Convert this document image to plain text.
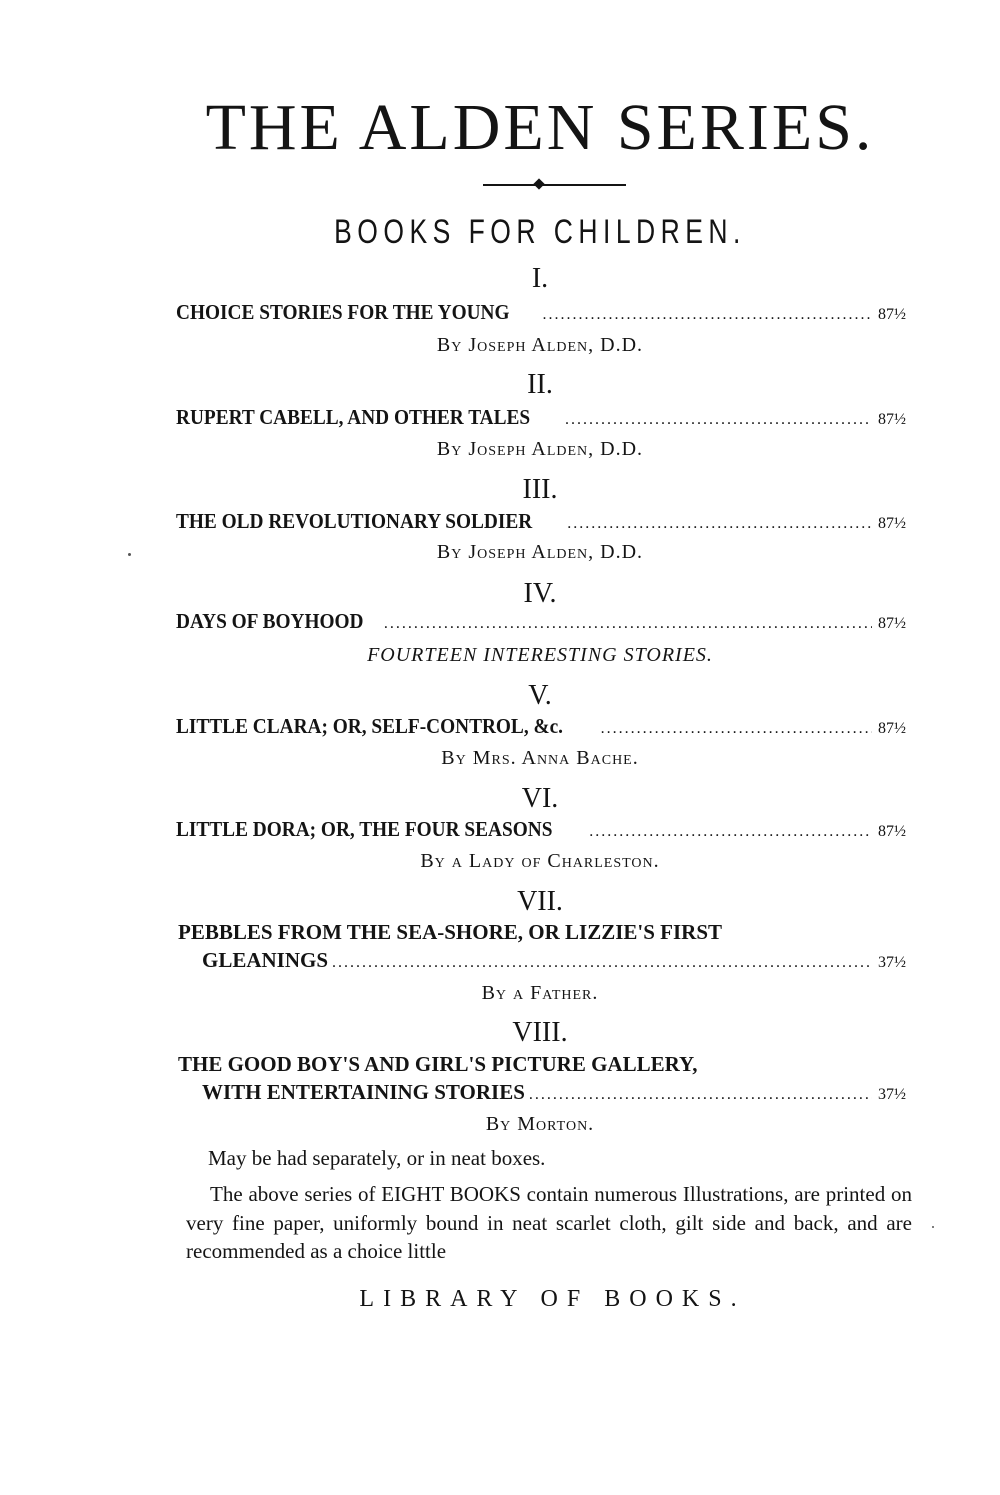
THE ALDEN SERIES.
BOOKS FOR CHILDREN.
I.
CHOICE STORIES FOR THE YOUNG .....	87½
By Joseph Alden, D.D.
II.
RUPERT CABELL, AND OTHER TALES .....	87½
By Joseph Alden, D.D.
III.
THE OLD REVOLUTIONARY SOLDIER .....	87½
By Joseph Alden, D.D.
IV.
DAYS OF BOYHOOD .....	87½
FOURTEEN INTERESTING STORIES.
V.
LITTLE CLARA; OR, SELF-CONTROL, &c. .....	87½
By Mrs. Anna Bache.
VI.
LITTLE DORA; OR, THE FOUR SEASONS .....	87½
By a Lady of Charleston.
VII.
PEBBLES FROM THE SEA-SHORE, OR LIZZIE'S FIRST
GLEANINGS .....	37½
By a Father.
VIII.
THE GOOD BOY'S AND GIRL'S PICTURE GALLERY,
WITH ENTERTAINING STORIES .....	37½
By Morton.
May be had separately, or in neat boxes.

The above series of EIGHT BOOKS contain numerous Illustrations, are printed on very fine paper, uniformly bound in neat scarlet cloth, gilt side and back, and are recommended as a choice little

LIBRARY OF BOOKS.
